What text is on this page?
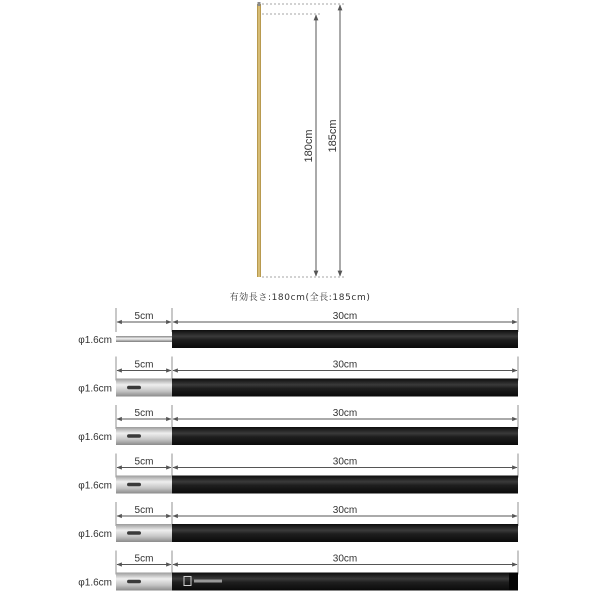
180cm 185cm
5cm	30cm
φ1.6cm
5cm	30cm
φ1.6cm
5cm	30cm
φ1.6cm
5cm	30cm
φ1.6cm
5cm	30cm
φ1.6cm
5cm	30cm
φ1.6cm
有効長さ:180cm(全長:185cm)
